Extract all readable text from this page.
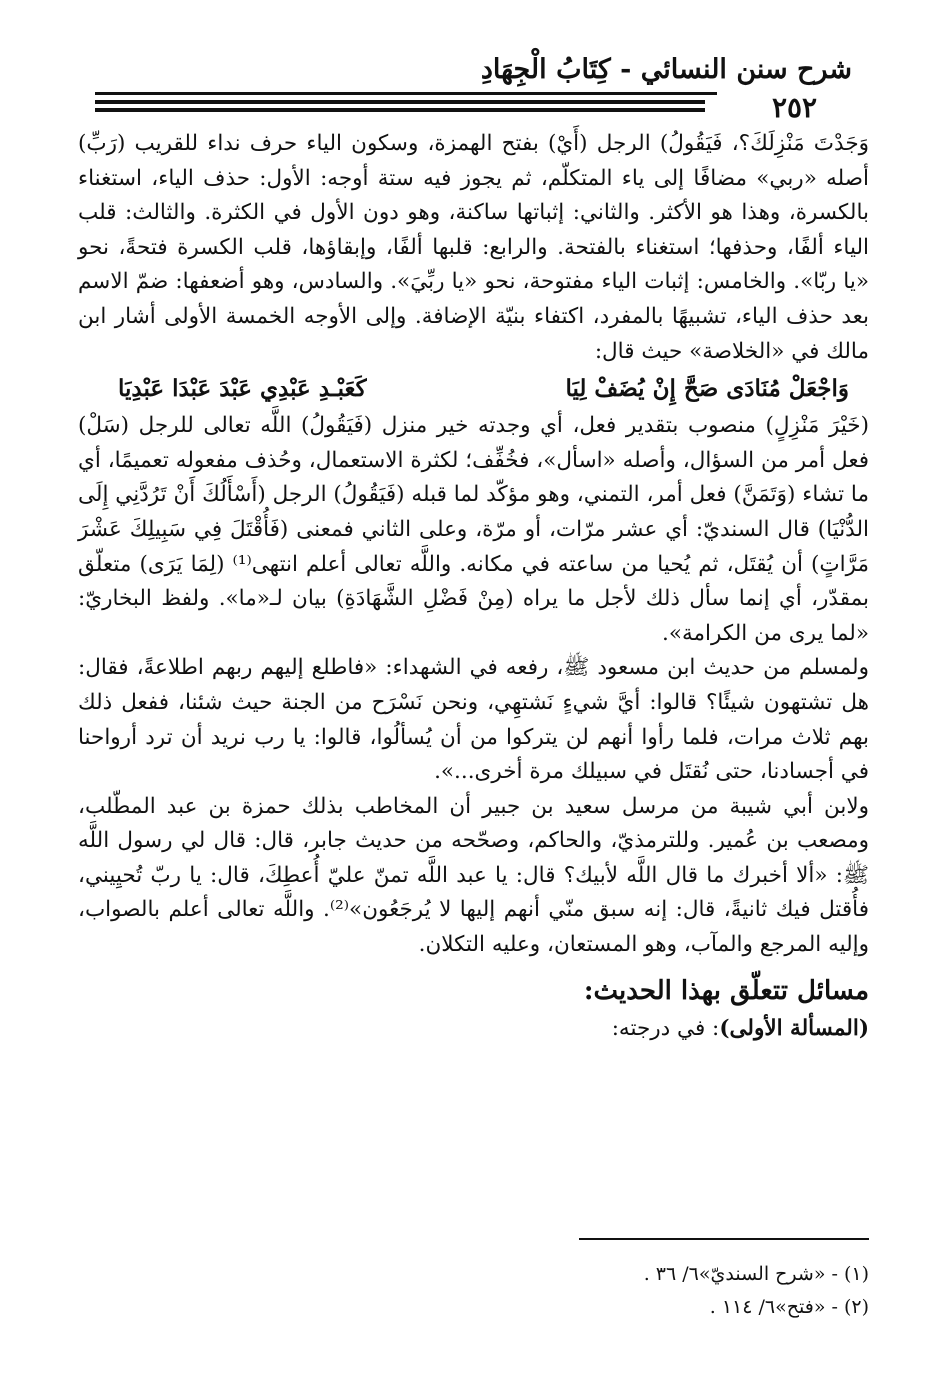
شرح سنن النسائي - كِتَابُ الْجِهَادِ
٢٥٢

وَجَدْتَ مَنْزِلَكَ؟، فَيَقُولُ) الرجل (أَيْ) بفتح الهمزة، وسكون الياء حرف نداء للقريب (رَبِّ) أصله «ربي» مضافًا إلى ياء المتكلّم، ثم يجوز فيه ستة أوجه: الأول: حذف الياء، استغناء بالكسرة، وهذا هو الأكثر. والثاني: إثباتها ساكنة، وهو دون الأول في الكثرة. والثالث: قلب الياء ألفًا، وحذفها؛ استغناء بالفتحة. والرابع: قلبها ألفًا، وإبقاؤها، قلب الكسرة فتحةً، نحو «يا ربّا». والخامس: إثبات الياء مفتوحة، نحو «يا ربِّيَ». والسادس، وهو أضعفها: ضمّ الاسم بعد حذف الياء، تشبيهًا بالمفرد، اكتفاء بنيّة الإضافة. وإلى الأوجه الخمسة الأولى أشار ابن مالك في «الخلاصة» حيث قال:

وَاجْعَلْ مُنَادَى صَحَّ إِنْ يُضَفْ لِيَا
كَعَبْـدِ عَبْدِي عَبْدَ عَبْدَا عَبْدِيَا

(خَيْرَ مَنْزِلٍ) منصوب بتقدير فعل، أي وجدته خير منزل (فَيَقُولُ) اللَّه تعالى للرجل (سَلْ) فعل أمر من السؤال، وأصله «اسأل»، فخُفِّف؛ لكثرة الاستعمال، وحُذف مفعوله تعميمًا، أي ما تشاء (وَتَمَنَّ) فعل أمر، التمني، وهو مؤكّد لما قبله (فَيَقُولُ) الرجل (أَسْأَلُكَ أَنْ تَرُدَّنِي إِلَى الدُّنْيَا) قال السنديّ: أي عشر مرّات، أو مرّة، وعلى الثاني فمعنى (فَأُقْتَلَ فِي سَبِيلِكَ عَشْرَ مَرَّاتٍ) أن يُقتَل، ثم يُحيا من ساعته في مكانه. واللَّه تعالى أعلم انتهى⁽¹⁾ (لِمَا يَرَى) متعلّق بمقدّر، أي إنما سأل ذلك لأجل ما يراه (مِنْ فَضْلِ الشَّهَادَةِ) بيان لـ«ما». ولفظ البخاريّ: «لما يرى من الكرامة».

ولمسلم من حديث ابن مسعود ﷺ، رفعه في الشهداء: «فاطلع إليهم ربهم اطلاعةً، فقال: هل تشتهون شيئًا؟ قالوا: أيَّ شيءٍ نَشتهِي، ونحن نَسْرَح من الجنة حيث شئنا، ففعل ذلك بهم ثلاث مرات، فلما رأوا أنهم لن يتركوا من أن يُسألُوا، قالوا: يا رب نريد أن ترد أرواحنا في أجسادنا، حتى نُقتَل في سبيلك مرة أخرى...».

ولابن أبي شيبة من مرسل سعيد بن جبير أن المخاطب بذلك حمزة بن عبد المطّلب، ومصعب بن عُمير. وللترمذيّ، والحاكم، وصحّحه من حديث جابر، قال: قال لي رسول اللَّه ﷺ: «ألا أخبرك ما قال اللَّه لأبيك؟ قال: يا عبد اللَّه تمنّ عليّ أُعطِكَ، قال: يا ربّ تُحيِيني، فأُقتل فيك ثانيةً، قال: إنه سبق منّي أنهم إليها لا يُرجَعُون»⁽²⁾. واللَّه تعالى أعلم بالصواب، وإليه المرجع والمآب، وهو المستعان، وعليه التكلان.

مسائل تتعلّق بهذا الحديث:
(المسألة الأولى): في درجته:
(١) - «شرح السنديّ»٦/ ٣٦ .
(٢) - «فتح»٦/ ١١٤ .
